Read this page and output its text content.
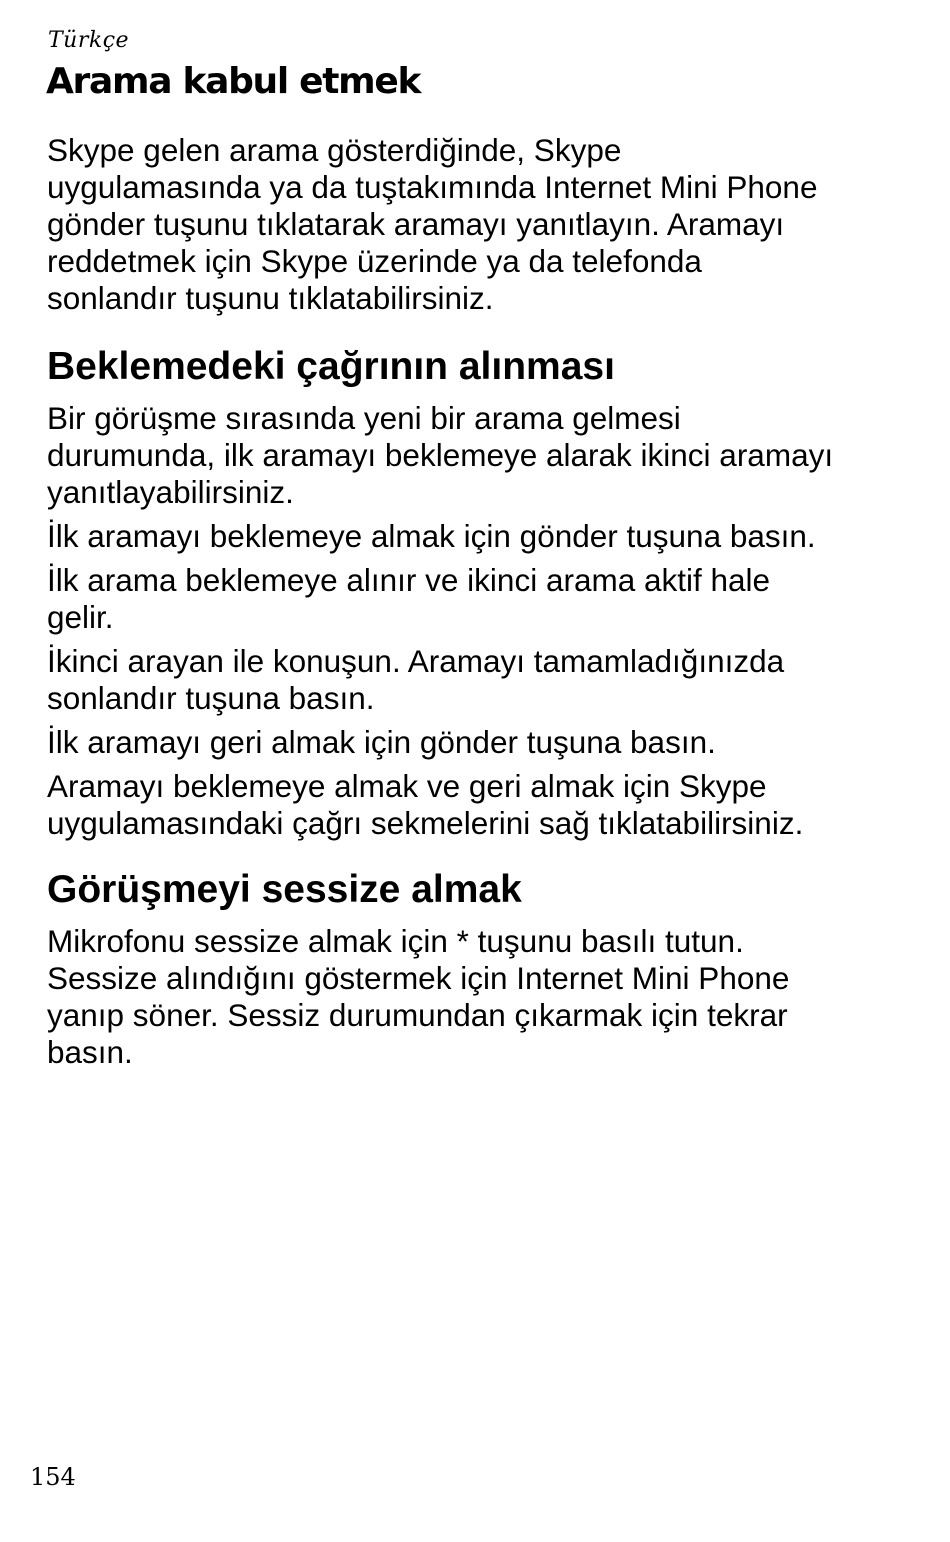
Türkçe
Arama kabul etmek

Skype gelen arama gösterdiğinde, Skype
uygulamasında ya da tuştakımında Internet Mini Phone
gönder tuşunu tıklatarak aramayı yanıtlayın. Aramayı
reddetmek için Skype üzerinde ya da telefonda
sonlandır tuşunu tıklatabilirsiniz.

Beklemedeki çağrının alınması

Bir görüşme sırasında yeni bir arama gelmesi
durumunda, ilk aramayı beklemeye alarak ikinci aramayı
yanıtlayabilirsiniz.

İlk aramayı beklemeye almak için gönder tuşuna basın.

İlk arama beklemeye alınır ve ikinci arama aktif hale
gelir.

İkinci arayan ile konuşun. Aramayı tamamladığınızda
sonlandır tuşuna basın.

İlk aramayı geri almak için gönder tuşuna basın.

Aramayı beklemeye almak ve geri almak için Skype
uygulamasındaki çağrı sekmelerini sağ tıklatabilirsiniz.

Görüşmeyi sessize almak

Mikrofonu sessize almak için * tuşunu basılı tutun.
Sessize alındığını göstermek için Internet Mini Phone
yanıp söner. Sessiz durumundan çıkarmak için tekrar
basın.

154
